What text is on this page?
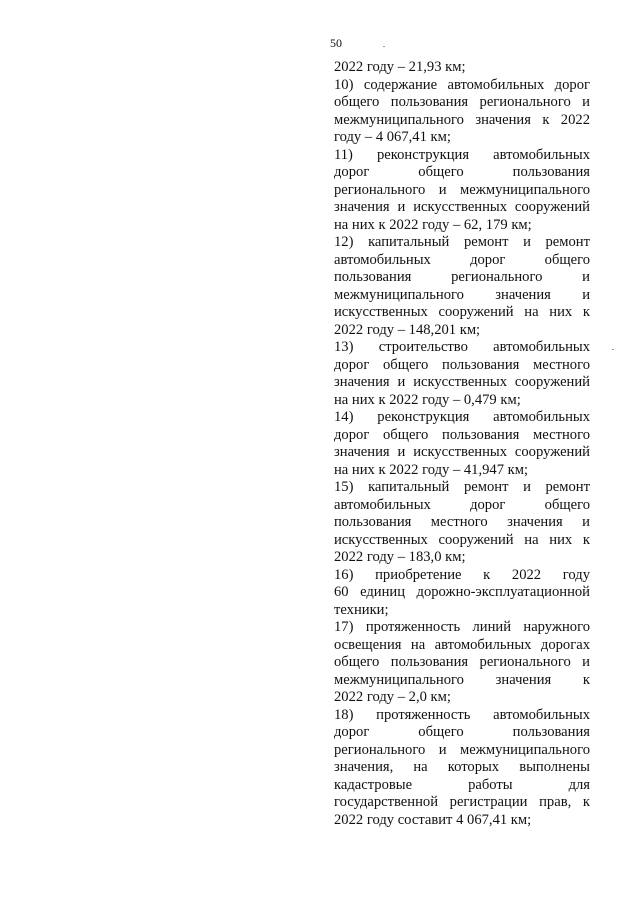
50
2022 году – 21,93 км;
10) содержание автомобильных дорог
общего пользования регионального и
межмуниципального значения к 2022
году – 4 067,41 км;
11) реконструкция автомобильных
дорог общего пользования
регионального и межмуниципального
значения и искусственных сооружений
на них к 2022 году – 62, 179 км;
12) капитальный ремонт и ремонт
автомобильных дорог общего
пользования регионального и
межмуниципального значения и
искусственных сооружений на них к
2022 году – 148,201 км;
13) строительство автомобильных
дорог общего пользования местного
значения и искусственных сооружений
на них к 2022 году – 0,479 км;
14) реконструкция автомобильных
дорог общего пользования местного
значения и искусственных сооружений
на них к 2022 году – 41,947 км;
15) капитальный ремонт и ремонт
автомобильных дорог общего
пользования местного значения и
искусственных сооружений на них к
2022 году – 183,0 км;
16) приобретение к 2022 году
60 единиц дорожно-эксплуатационной
техники;
17) протяженность линий наружного
освещения на автомобильных дорогах
общего пользования регионального и
межмуниципального значения к
2022 году – 2,0 км;
18) протяженность автомобильных
дорог общего пользования
регионального и межмуниципального
значения, на которых выполнены
кадастровые работы для
государственной регистрации прав, к
2022 году составит 4 067,41 км;
